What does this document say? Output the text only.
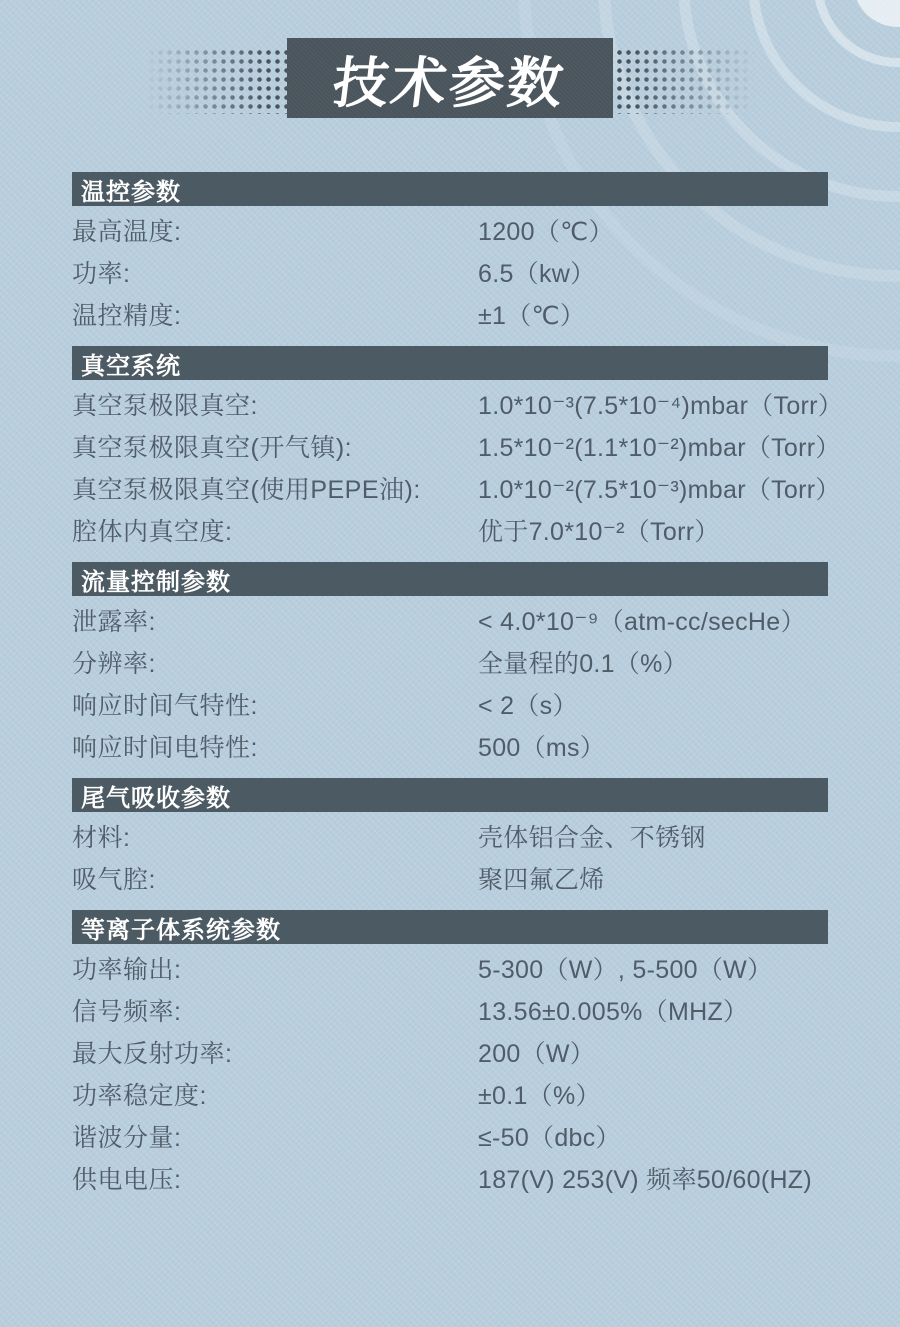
技术参数
温控参数
最高温度:	1200（℃）
功率:	6.5（kw）
温控精度:	±1（℃）
真空系统
真空泵极限真空:	1.0*10⁻³(7.5*10⁻⁴)mbar（Torr）
真空泵极限真空(开气镇):	1.5*10⁻²(1.1*10⁻²)mbar（Torr）
真空泵极限真空(使用PEPE油):	1.0*10⁻²(7.5*10⁻³)mbar（Torr）
腔体内真空度:	优于7.0*10⁻²（Torr）
流量控制参数
泄露率:	< 4.0*10⁻⁹（atm-cc/secHe）
分辨率:	全量程的0.1（%）
响应时间气特性:	< 2（s）
响应时间电特性:	500（ms）
尾气吸收参数
材料:	壳体铝合金、不锈钢
吸气腔:	聚四氟乙烯
等离子体系统参数
功率输出:	5-300（W）, 5-500（W）
信号频率:	13.56±0.005%（MHZ）
最大反射功率:	200（W）
功率稳定度:	±0.1（%）
谐波分量:	≤-50（dbc）
供电电压:	187(V) 253(V) 频率50/60(HZ)
